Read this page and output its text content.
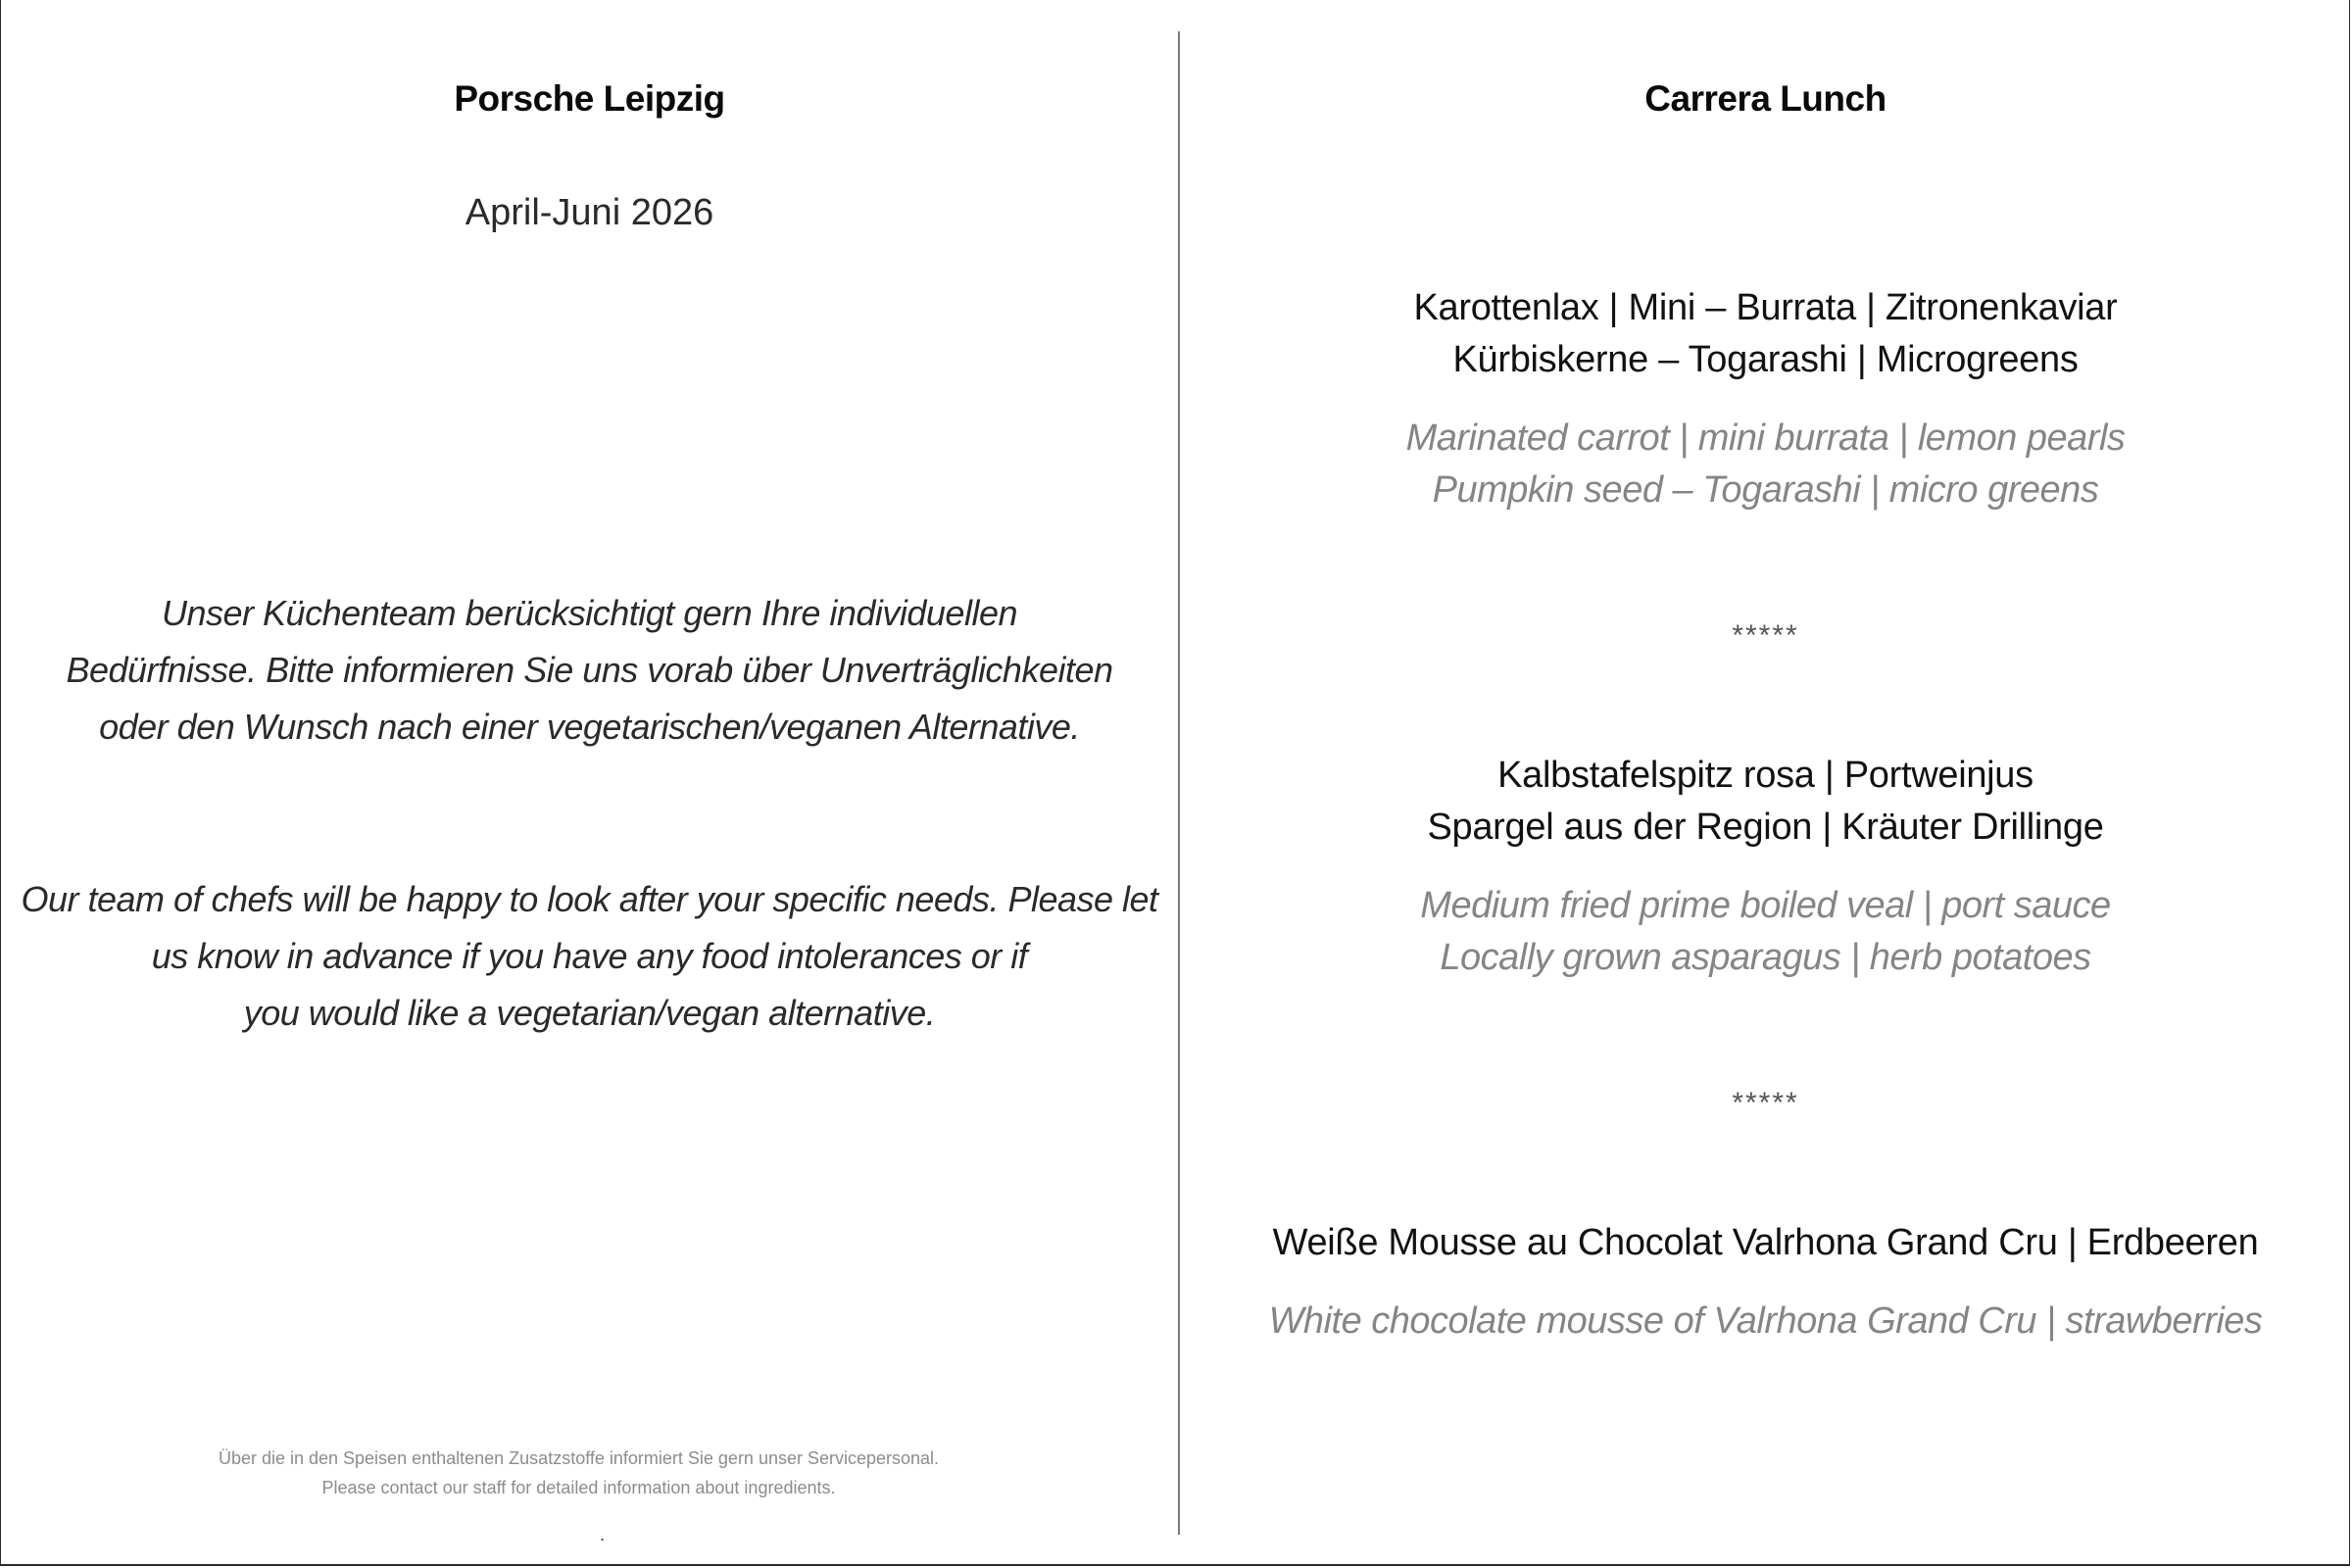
Porsche Leipzig
April-Juni 2026

Unser Küchenteam berücksichtigt gern Ihre individuellen

Bedürfnisse. Bitte informieren Sie uns vorab über Unverträglichkeiten

oder den Wunsch nach einer vegetarischen/veganen Alternative.

Our team of chefs will be happy to look after your specific needs. Please let

us know in advance if you have any food intolerances or if

you would like a vegetarian/vegan alternative.

Über die in den Speisen enthaltenen Zusatzstoffe informiert Sie gern unser Servicepersonal.

Please contact our staff for detailed information about ingredients.

.
Carrera Lunch

Karottenlax | Mini – Burrata | Zitronenkaviar

Kürbiskerne – Togarashi | Microgreens

Marinated carrot | mini burrata | lemon pearls

Pumpkin seed – Togarashi | micro greens

*****

Kalbstafelspitz rosa | Portweinjus

Spargel aus der Region | Kräuter Drillinge

Medium fried prime boiled veal | port sauce

Locally grown asparagus | herb potatoes

*****

Weiße Mousse au Chocolat Valrhona Grand Cru | Erdbeeren

White chocolate mousse of Valrhona Grand Cru | strawberries
